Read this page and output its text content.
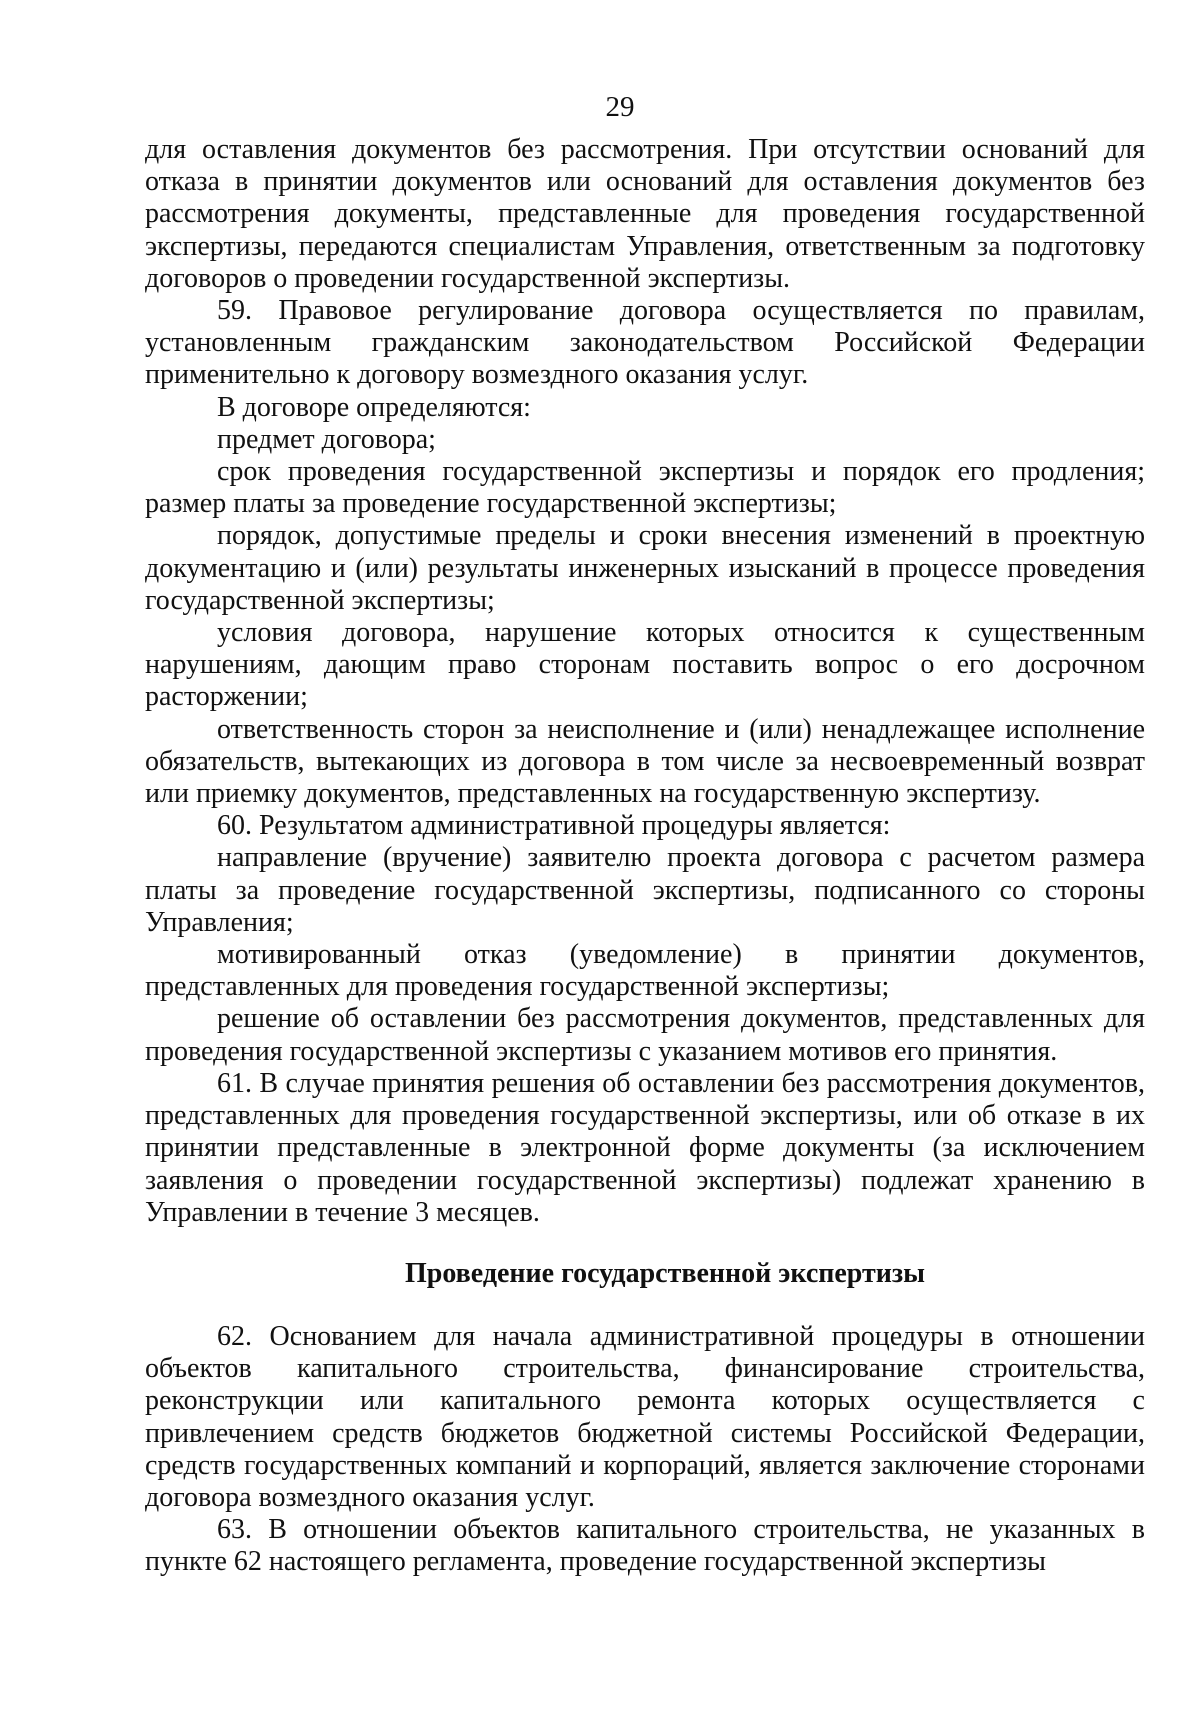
29

для оставления документов без рассмотрения. При отсутствии оснований для отказа в принятии документов или оснований для оставления документов без рассмотрения документы, представленные для проведения государственной экспертизы, передаются специалистам Управления, ответственным за подготовку договоров о проведении государственной экспертизы.

59. Правовое регулирование договора осуществляется по правилам, установленным гражданским законодательством Российской Федерации применительно к договору возмездного оказания услуг.

В договоре определяются:

предмет договора;

срок проведения государственной экспертизы и порядок его продления; размер платы за проведение государственной экспертизы;

порядок, допустимые пределы и сроки внесения изменений в проектную документацию и (или) результаты инженерных изысканий в процессе проведения государственной экспертизы;

условия договора, нарушение которых относится к существенным нарушениям, дающим право сторонам поставить вопрос о его досрочном расторжении;

ответственность сторон за неисполнение и (или) ненадлежащее исполнение обязательств, вытекающих из договора в том числе за несвоевременный возврат или приемку документов, представленных на государственную экспертизу.

60. Результатом административной процедуры является:

направление (вручение) заявителю проекта договора с расчетом размера платы за проведение государственной экспертизы, подписанного со стороны Управления;

мотивированный отказ (уведомление) в принятии документов, представленных для проведения государственной экспертизы;

решение об оставлении без рассмотрения документов, представленных для проведения государственной экспертизы с указанием мотивов его принятия.

61. В случае принятия решения об оставлении без рассмотрения документов, представленных для проведения государственной экспертизы, или об отказе в их принятии представленные в электронной форме документы (за исключением заявления о проведении государственной экспертизы) подлежат хранению в Управлении в течение 3 месяцев.

Проведение государственной экспертизы

62. Основанием для начала административной процедуры в отношении объектов капитального строительства, финансирование строительства, реконструкции или капитального ремонта которых осуществляется с привлечением средств бюджетов бюджетной системы Российской Федерации, средств государственных компаний и корпораций, является заключение сторонами договора возмездного оказания услуг.

63. В отношении объектов капитального строительства, не указанных в пункте 62 настоящего регламента, проведение государственной экспертизы
